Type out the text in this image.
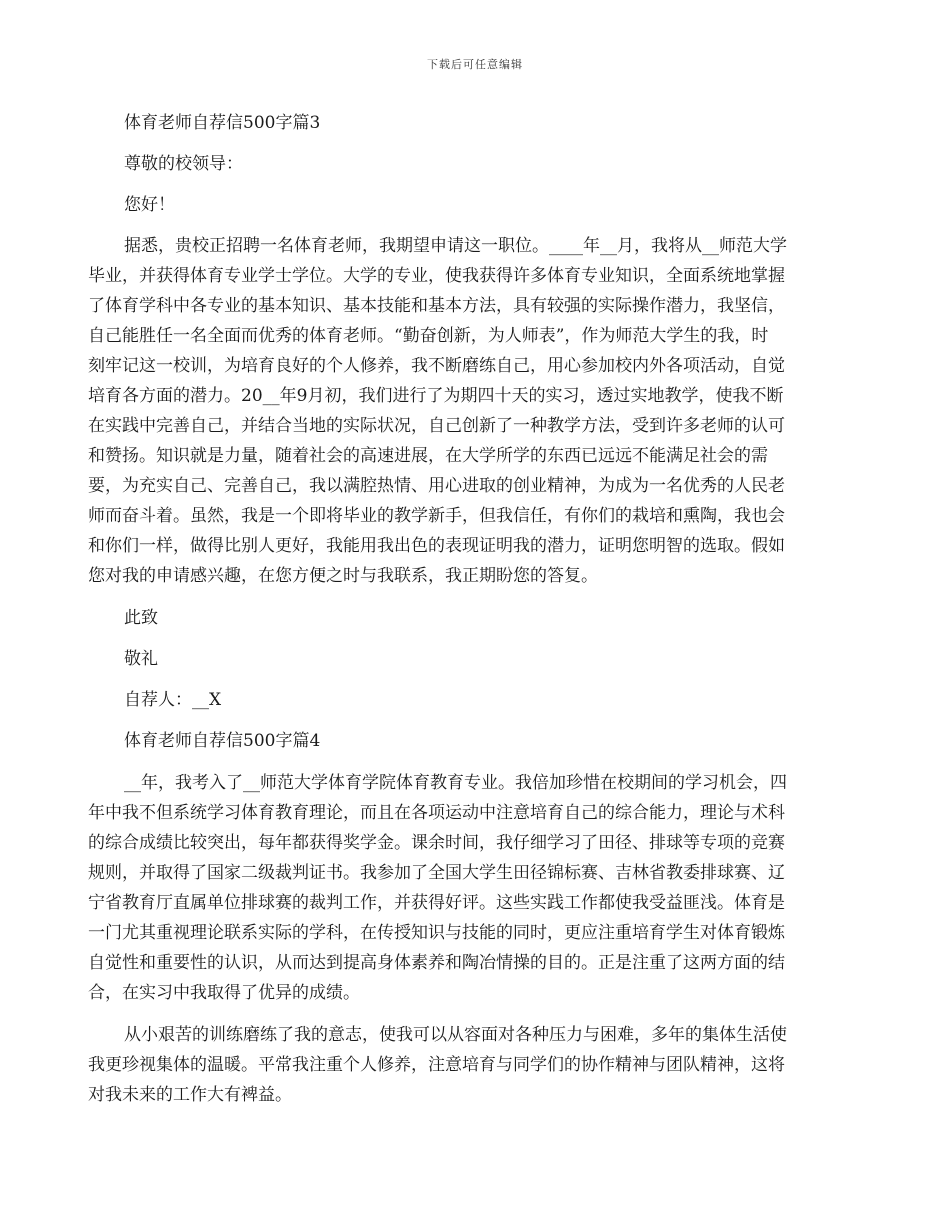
下载后可任意编辑

体育老师自荐信500字篇3

尊敬的校领导：

您好！

据悉，贵校正招聘一名体育老师，我期望申请这一职位。____年__月，我将从__师范大学

毕业，并获得体育专业学士学位。大学的专业，使我获得许多体育专业知识，全面系统地掌握

了体育学科中各专业的基本知识、基本技能和基本方法，具有较强的实际操作潜力，我坚信，

自己能胜任一名全面而优秀的体育老师。“勤奋创新，为人师表”，作为师范大学生的我，时

刻牢记这一校训，为培育良好的个人修养，我不断磨练自己，用心参加校内外各项活动，自觉

培育各方面的潜力。20__年9月初，我们进行了为期四十天的实习，透过实地教学，使我不断

在实践中完善自己，并结合当地的实际状况，自己创新了一种教学方法，受到许多老师的认可

和赞扬。知识就是力量，随着社会的高速进展，在大学所学的东西已远远不能满足社会的需

要，为充实自己、完善自己，我以满腔热情、用心进取的创业精神，为成为一名优秀的人民老

师而奋斗着。虽然，我是一个即将毕业的教学新手，但我信任，有你们的栽培和熏陶，我也会

和你们一样，做得比别人更好，我能用我出色的表现证明我的潜力，证明您明智的选取。假如

您对我的申请感兴趣，在您方便之时与我联系，我正期盼您的答复。

此致

敬礼

自荐人：__X

体育老师自荐信500字篇4

__年，我考入了__师范大学体育学院体育教育专业。我倍加珍惜在校期间的学习机会，四

年中我不但系统学习体育教育理论，而且在各项运动中注意培育自己的综合能力，理论与术科

的综合成绩比较突出，每年都获得奖学金。课余时间，我仔细学习了田径、排球等专项的竞赛

规则，并取得了国家二级裁判证书。我参加了全国大学生田径锦标赛、吉林省教委排球赛、辽

宁省教育厅直属单位排球赛的裁判工作，并获得好评。这些实践工作都使我受益匪浅。体育是

一门尤其重视理论联系实际的学科，在传授知识与技能的同时，更应注重培育学生对体育锻炼

自觉性和重要性的认识，从而达到提高身体素养和陶冶情操的目的。正是注重了这两方面的结

合，在实习中我取得了优异的成绩。

从小艰苦的训练磨练了我的意志，使我可以从容面对各种压力与困难，多年的集体生活使

我更珍视集体的温暖。平常我注重个人修养，注意培育与同学们的协作精神与团队精神，这将

对我未来的工作大有裨益。
